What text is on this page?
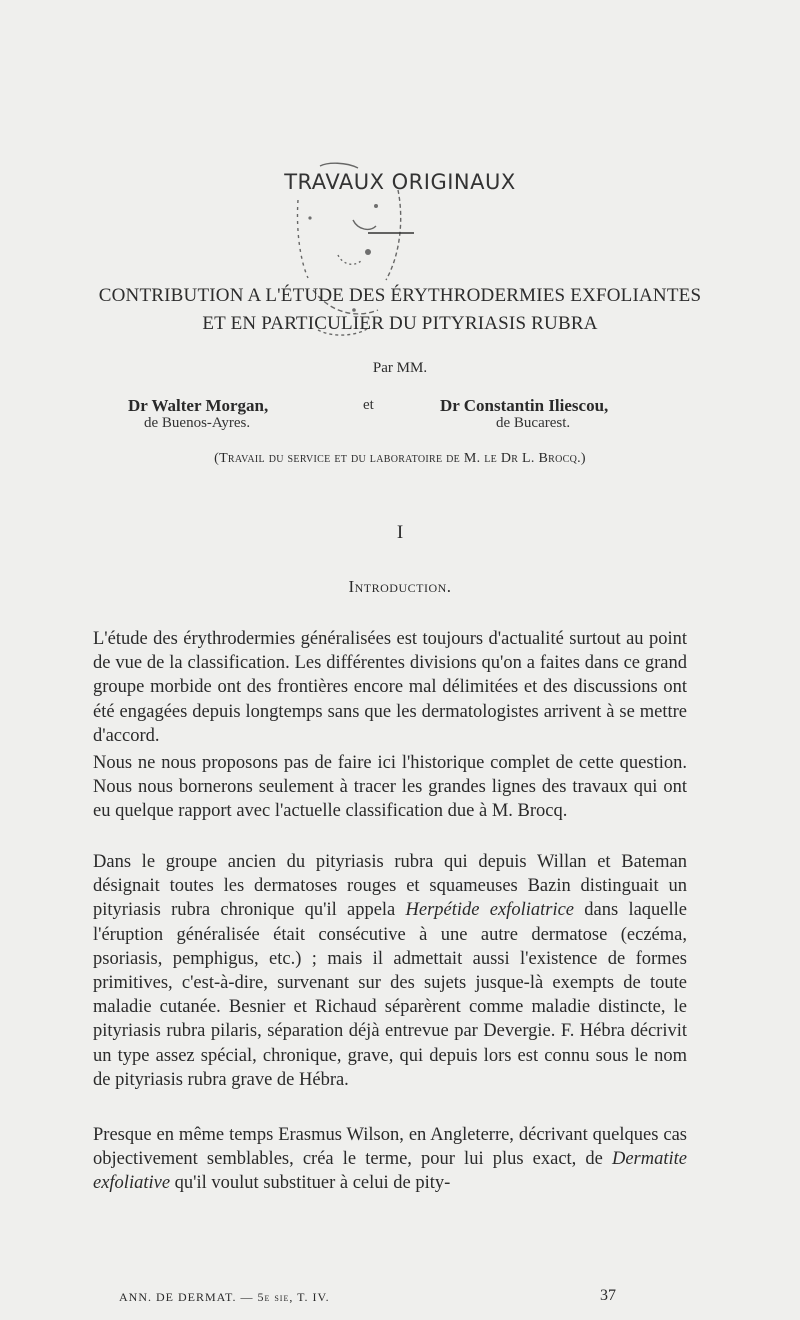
TRAVAUX ORIGINAUX
CONTRIBUTION A L'ÉTUDE DES ÉRYTHRODERMIES EXFOLIANTES
ET EN PARTICULIER DU PITYRIASIS RUBRA
Par MM.
Dr Walter Morgan,
de Buenos-Ayres.
et	Dr Constantin Iliescou,
de Bucarest.
(Travail du service et du laboratoire de M. le Dr L. Brocq.)
I
Introduction.

L'étude des érythrodermies généralisées est toujours d'actualité surtout au point de vue de la classification. Les différentes divisions qu'on a faites dans ce grand groupe morbide ont des frontières encore mal délimitées et des discussions ont été engagées depuis longtemps sans que les dermatologistes arrivent à se mettre d'accord.

Nous ne nous proposons pas de faire ici l'historique complet de cette question. Nous nous bornerons seulement à tracer les grandes lignes des travaux qui ont eu quelque rapport avec l'actuelle classification due à M. Brocq.

Dans le groupe ancien du pityriasis rubra qui depuis Willan et Bateman désignait toutes les dermatoses rouges et squameuses Bazin distinguait un pityriasis rubra chronique qu'il appela Herpétide exfoliatrice dans laquelle l'éruption généralisée était consécutive à une autre dermatose (eczéma, psoriasis, pemphigus, etc.) ; mais il admettait aussi l'existence de formes primitives, c'est-à-dire, survenant sur des sujets jusque-là exempts de toute maladie cutanée. Besnier et Richaud séparèrent comme maladie distincte, le pityriasis rubra pilaris, séparation déjà entrevue par Devergie. F. Hébra décrivit un type assez spécial, chronique, grave, qui depuis lors est connu sous le nom de pityriasis rubra grave de Hébra.

Presque en même temps Erasmus Wilson, en Angleterre, décrivant quelques cas objectivement semblables, créa le terme, pour lui plus exact, de Dermatite exfoliative qu'il voulut substituer à celui de pity-

ANN. DE DERMAT. — 5e sie, T. IV.	37
